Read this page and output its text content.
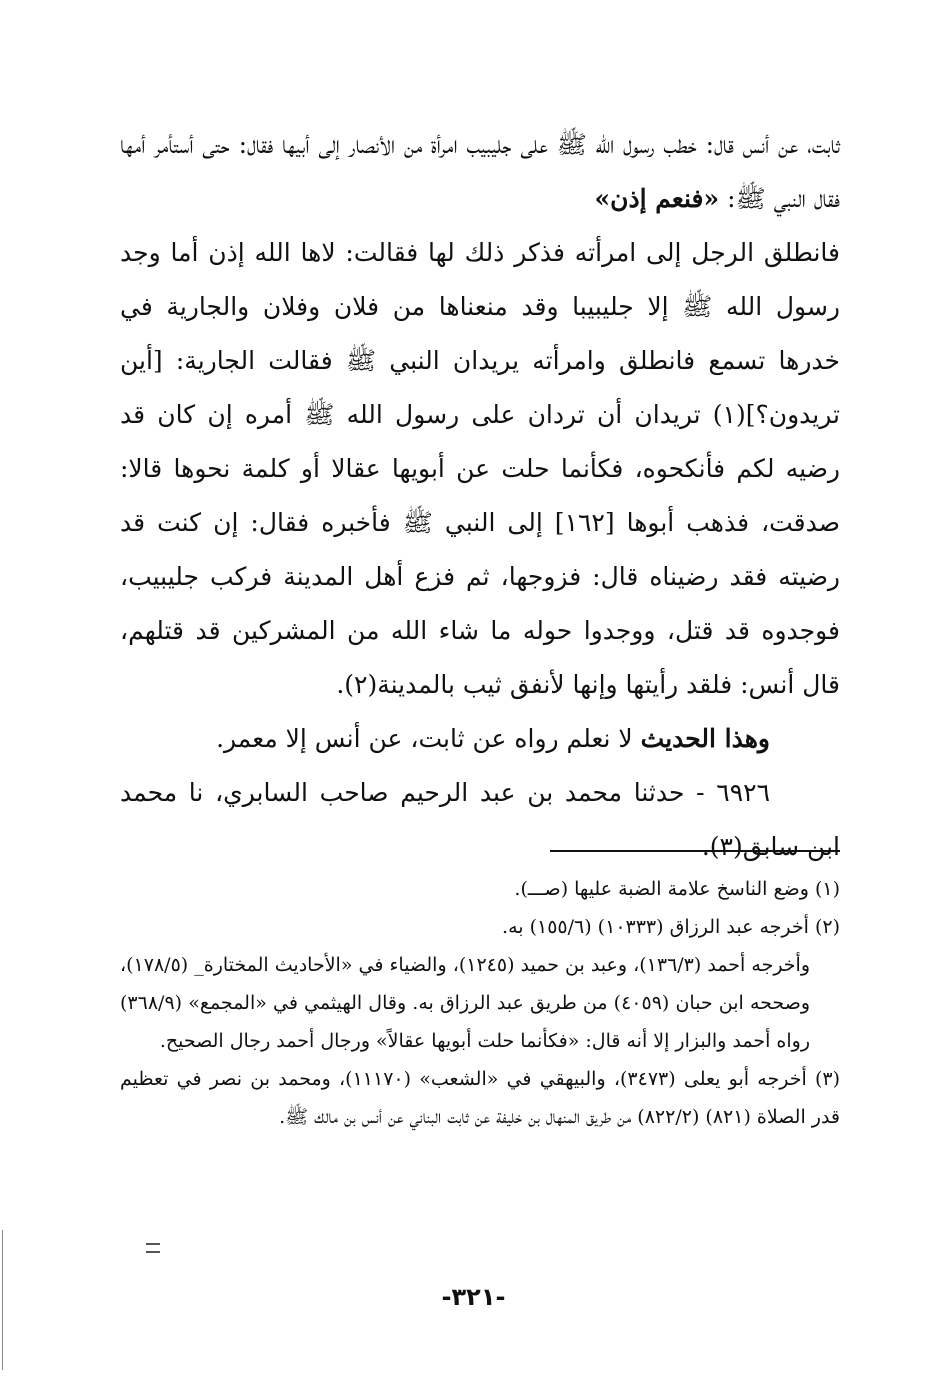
ثابت، عن أنس قال: خطب رسول الله ﷺ على جليبيب امرأة من الأنصار إلى أبيها فقال: حتى أستأمر أمها فقال النبي ﷺ: «فنعم إذن»

فانطلق الرجل إلى امرأته فذكر ذلك لها فقالت: لاها الله إذن أما وجد رسول الله ﷺ إلا جليبيبا وقد منعناها من فلان وفلان والجارية في خدرها تسمع فانطلق وامرأته يريدان النبي ﷺ فقالت الجارية: [أين تريدون؟](١) تريدان أن تردان على رسول الله ﷺ أمره إن كان قد رضيه لكم فأنكحوه، فكأنما حلت عن أبويها عقالا أو كلمة نحوها قالا: صدقت، فذهب أبوها [١٦٢] إلى النبي ﷺ فأخبره فقال: إن كنت قد رضيته فقد رضيناه قال: فزوجها، ثم فزع أهل المدينة فركب جليبيب، فوجدوه قد قتل، ووجدوا حوله ما شاء الله من المشركين قد قتلهم، قال أنس: فلقد رأيتها وإنها لأنفق ثيب بالمدينة(٢).

وهذا الحديث لا نعلم رواه عن ثابت، عن أنس إلا معمر.

٦٩٢٦ - حدثنا محمد بن عبد الرحيم صاحب السابري، نا محمد ابن سابق(٣).

(١) وضع الناسخ علامة الضبة عليها (صـــ).

(٢) أخرجه عبد الرزاق (١٠٣٣٣) (١٥٥/٦) به.

وأخرجه أحمد (١٣٦/٣)، وعبد بن حميد (١٢٤٥)، والضياء في «الأحاديث المختارة_ (١٧٨/٥)، وصححه ابن حبان (٤٠٥٩) من طريق عبد الرزاق به. وقال الهيثمي في «المجمع» (٣٦٨/٩) رواه أحمد والبزار إلا أنه قال: «فكأنما حلت أبويها عقالاً» ورجال أحمد رجال الصحيح.

(٣) أخرجه أبو يعلى (٣٤٧٣)، والبيهقي في «الشعب» (١١١٧٠)، ومحمد بن نصر في تعظيم قدر الصلاة (٨٢١) (٨٢٢/٢) من طريق المنهال بن خليفة عن ثابت البناني عن أنس بن مالك ﷺ.

-٣٢١-
